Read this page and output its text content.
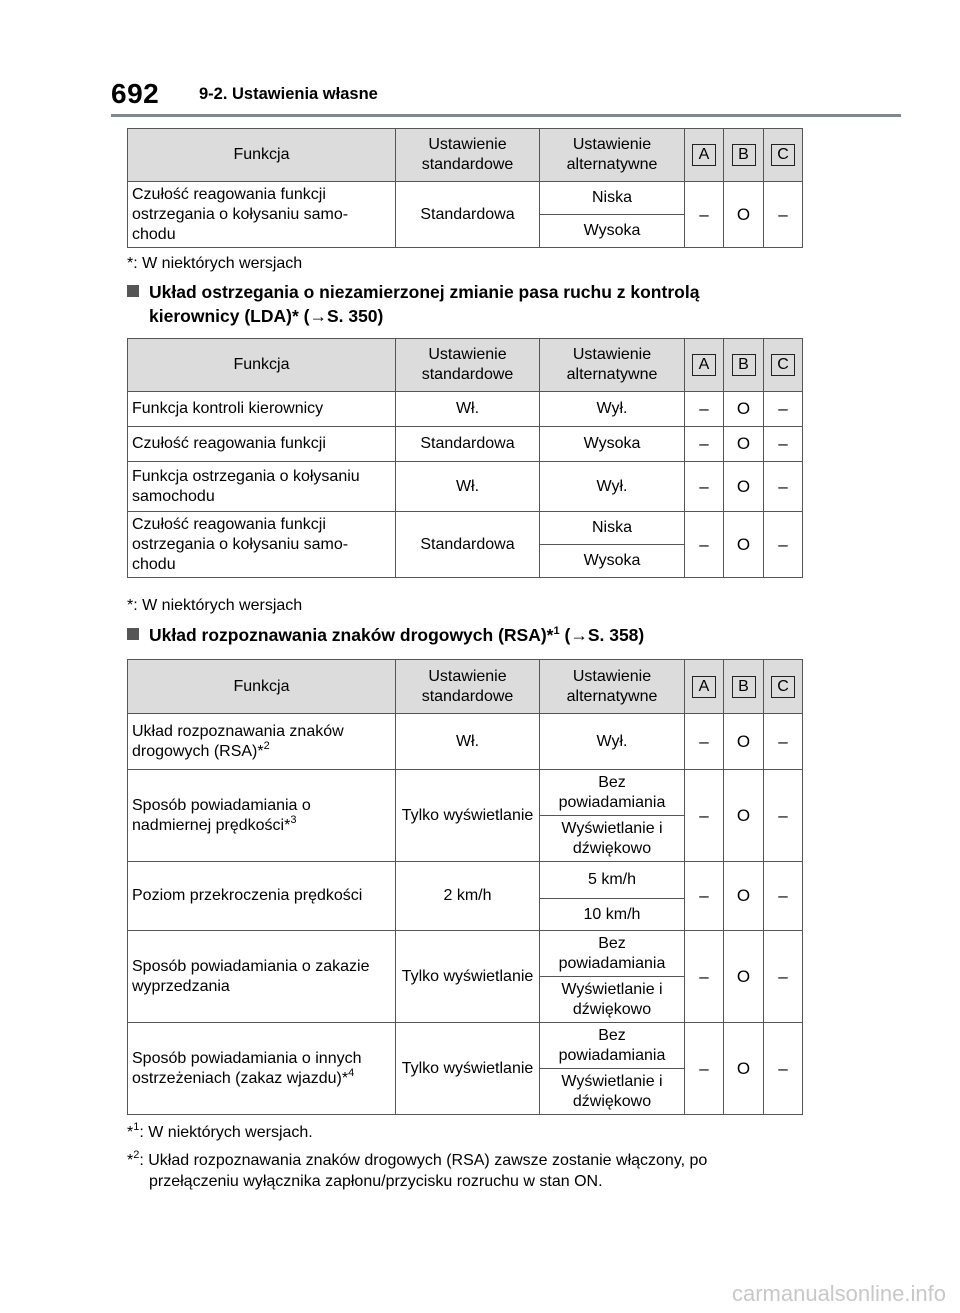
692 9-2. Ustawienia własne
Funkcja	Ustawienie standardowe	Ustawienie alternatywne	A	B	C
Czułość reagowania funkcji ostrzegania o kołysaniu samo-chodu	Standardowa	Niska	–	O	–
		Wysoka			
*: W niektórych wersjach
Układ ostrzegania o niezamierzonej zmianie pasa ruchu z kontrolą
kierownicy (LDA)* (→S. 350)
Funkcja	Ustawienie standardowe	Ustawienie alternatywne	A	B	C
Funkcja kontroli kierownicy	Wł.	Wył.	–	O	–
Czułość reagowania funkcji	Standardowa	Wysoka	–	O	–
Funkcja ostrzegania o kołysaniu samochodu	Wł.	Wył.	–	O	–
Czułość reagowania funkcji ostrzegania o kołysaniu samo-chodu	Standardowa	Niska	–	O	–
		Wysoka			
*: W niektórych wersjach
Układ rozpoznawania znaków drogowych (RSA)*$^1$ (→S. 358)
Funkcja	Ustawienie standardowe	Ustawienie alternatywne	A	B	C
Układ rozpoznawania znaków drogowych (RSA)*$^2$	Wł.	Wył.	–	O	–
Sposób powiadamiania o nadmiernej prędkości*$^3$	Tylko wyświetlanie	Bez powiadamiania	–	O	–
		Wyświetlanie i dźwiękowo			
Poziom przekroczenia prędkości	2 km/h	5 km/h	–	O	–
		10 km/h			
Sposób powiadamiania o zakazie wyprzedzania	Tylko wyświetlanie	Bez powiadamiania	–	O	–
		Wyświetlanie i dźwiękowo			
Sposób powiadamiania o innych ostrzeżeniach (zakaz wjazdu)*$^4$	Tylko wyświetlanie	Bez powiadamiania	–	O	–
		Wyświetlanie i dźwiękowo			
*$^1$: W niektórych wersjach.
*$^2$: Układ rozpoznawania znaków drogowych (RSA) zawsze zostanie włączony, po
przełączeniu wyłącznika zapłonu/przycisku rozruchu w stan ON.
carmanualsonline.info
